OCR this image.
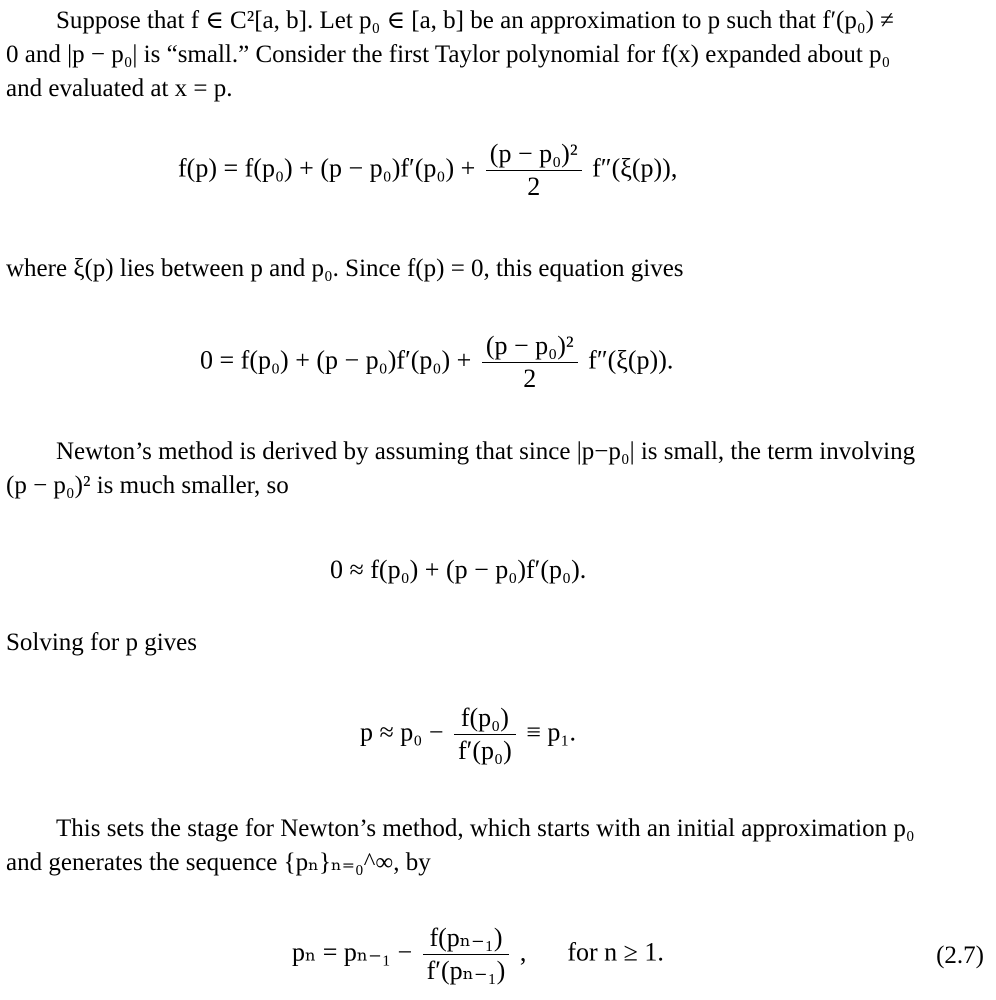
Suppose that f ∈ C²[a, b]. Let p₀ ∈ [a, b] be an approximation to p such that f′(p₀) ≠
0 and |p − p₀| is “small.” Consider the first Taylor polynomial for f(x) expanded about p₀
and evaluated at x = p.
$f(p) = f(p_0) + (p - p_0)f'(p_0) + \frac{\text{(p − p₀)²}}{2} f''(\xi(p))$,
where ξ(p) lies between p and p₀. Since f(p) = 0, this equation gives
$0 = f(p_0) + (p - p_0)f'(p_0) + \frac{\text{(p − p₀)²}}{2} f''(\xi(p))$.
Newton’s method is derived by assuming that since |p−p₀| is small, the term involving
(p − p₀)² is much smaller, so
0 ≈ f(p₀) + (p − p₀)f′(p₀).
Solving for p gives
$p \approx p_0 - \frac{\text{f(p₀)}}{\text{f′(p₀)}} \equiv p_1$.
This sets the stage for Newton’s method, which starts with an initial approximation p₀
and generates the sequence {pₙ}ₙ₌₀^∞, by
$p_n = p_{n-1} - \frac{\text{f(pₙ₋₁)}}{\text{f′(pₙ₋₁)}}$ , for n ≥ 1.	(2.7)
